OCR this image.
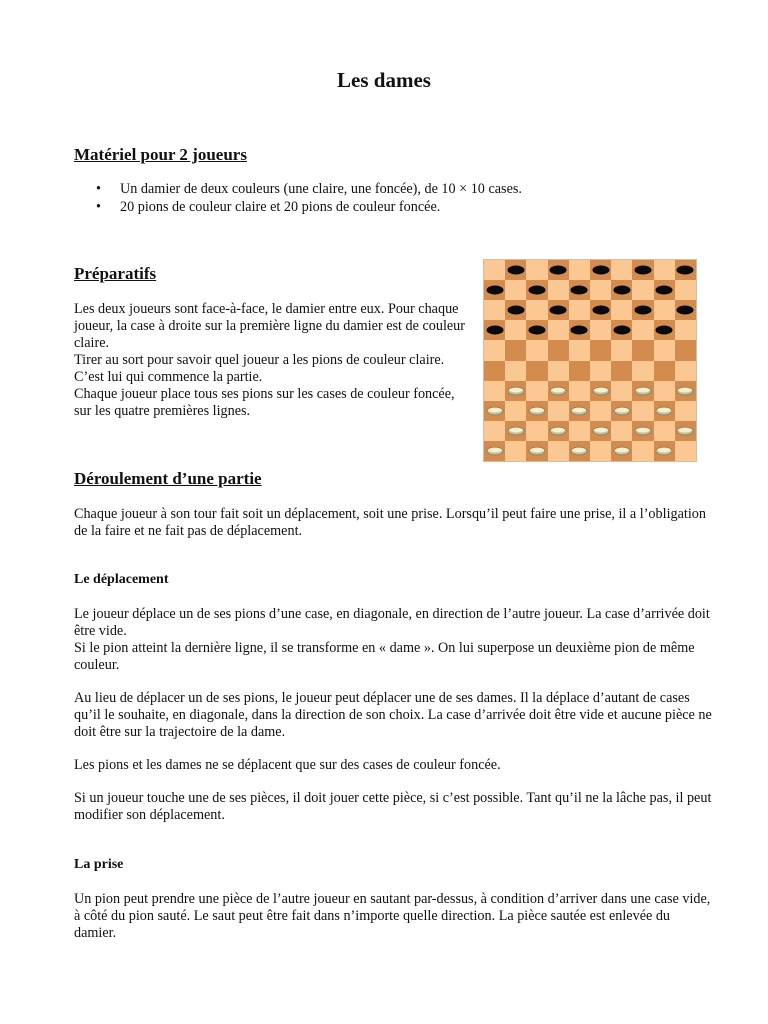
Les dames
Matériel pour 2 joueurs
• Un damier de deux couleurs (une claire, une foncée), de 10 × 10 cases.
• 20 pions de couleur claire et 20 pions de couleur foncée.
Préparatifs

Les deux joueurs sont face-à-face, le damier entre eux. Pour chaque joueur, la case à droite sur la première ligne du damier est de couleur claire.
Tirer au sort pour savoir quel joueur a les pions de couleur claire. C’est lui qui commence la partie.
Chaque joueur place tous ses pions sur les cases de couleur foncée, sur les quatre premières lignes.

Déroulement d’une partie

Chaque joueur à son tour fait soit un déplacement, soit une prise. Lorsqu’il peut faire une prise, il a l’obligation de la faire et ne fait pas de déplacement.

Le déplacement

Le joueur déplace un de ses pions d’une case, en diagonale, en direction de l’autre joueur. La case d’arrivée doit être vide.
Si le pion atteint la dernière ligne, il se transforme en « dame ». On lui superpose un deuxième pion de même couleur.

Au lieu de déplacer un de ses pions, le joueur peut déplacer une de ses dames. Il la déplace d’autant de cases qu’il le souhaite, en diagonale, dans la direction de son choix. La case d’arrivée doit être vide et aucune pièce ne doit être sur la trajectoire de la dame.

Les pions et les dames ne se déplacent que sur des cases de couleur foncée.

Si un joueur touche une de ses pièces, il doit jouer cette pièce, si c’est possible. Tant qu’il ne la lâche pas, il peut modifier son déplacement.

La prise

Un pion peut prendre une pièce de l’autre joueur en sautant par-dessus, à condition d’arriver dans une case vide, à côté du pion sauté. Le saut peut être fait dans n’importe quelle direction. La pièce sautée est enlevée du damier.
